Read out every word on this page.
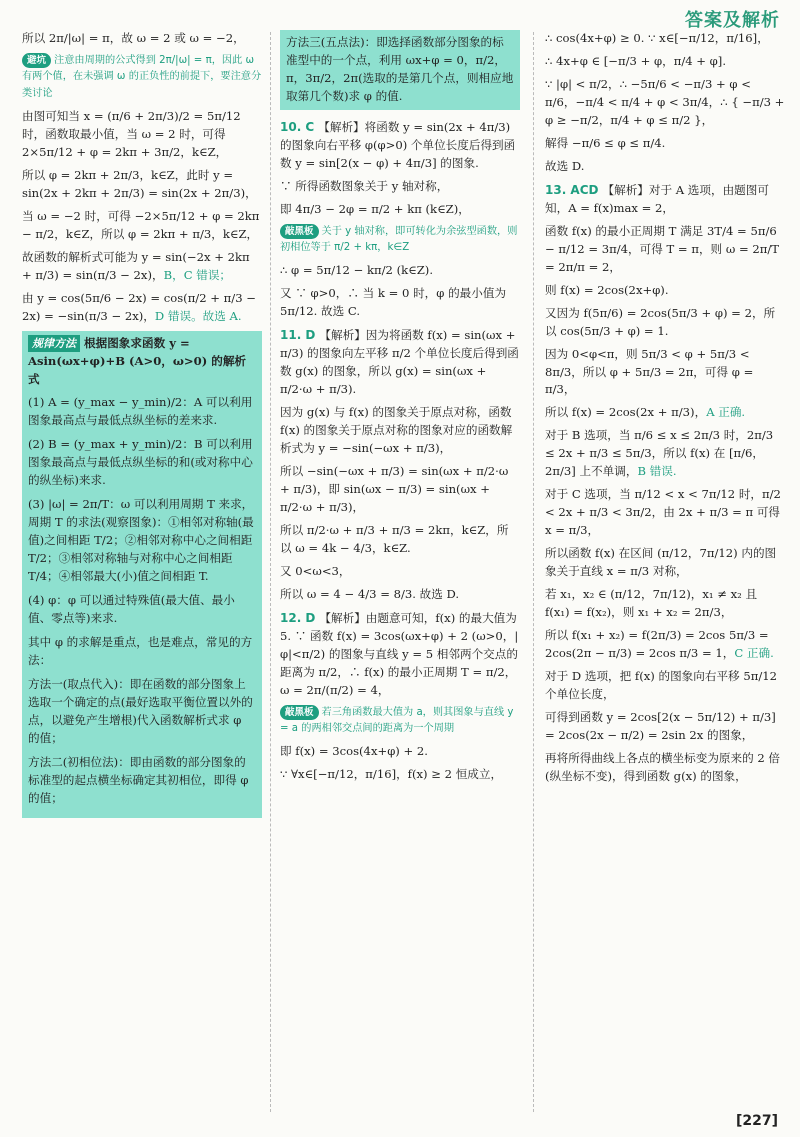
答案及解析

所以 2π/|ω| = π，故 ω = 2 或 ω = −2，

避坑 注意由周期的公式得到 2π/|ω| = π，因此 ω 有两个值，在未强调 ω 的正负性的前提下，要注意分类讨论

由图可知当 x = (π/6 + 2π/3)/2 = 5π/12 时，函数取最小值，当 ω = 2 时，可得 2×5π/12 + φ = 2kπ + 3π/2，k∈Z，

所以 φ = 2kπ + 2π/3，k∈Z，此时 y = sin(2x + 2kπ + 2π/3) = sin(2x + 2π/3)，

当 ω = −2 时，可得 −2×5π/12 + φ = 2kπ − π/2，k∈Z，所以 φ = 2kπ + π/3，k∈Z，

故函数的解析式可能为 y = sin(−2x + 2kπ + π/3) = sin(π/3 − 2x)，B，C 错误；

由 y = cos(5π/6 − 2x) = cos(π/2 + π/3 − 2x) = −sin(π/3 − 2x)，D 错误。故选 A.

规律方法 根据图象求函数 y = Asin(ωx+φ)+B (A>0，ω>0) 的解析式

(1) A = (y_max − y_min)/2：A 可以利用图象最高点与最低点纵坐标的差来求.

(2) B = (y_max + y_min)/2：B 可以利用图象最高点与最低点纵坐标的和(或对称中心的纵坐标)来求.

(3) |ω| = 2π/T：ω 可以利用周期 T 来求，周期 T 的求法(观察图象)：①相邻对称轴(最值)之间相距 T/2；②相邻对称中心之间相距 T/2；③相邻对称轴与对称中心之间相距 T/4；④相邻最大(小)值之间相距 T.

(4) φ：φ 可以通过特殊值(最大值、最小值、零点等)来求.

其中 φ 的求解是重点，也是难点，常见的方法：

方法一(取点代入)：即在函数的部分图象上选取一个确定的点(最好选取平衡位置以外的点，以避免产生增根)代入函数解析式求 φ 的值；

方法二(初相位法)：即由函数的部分图象的标准型的起点横坐标确定其初相位，即得 φ 的值；

方法三(五点法)：即选择函数部分图象的标准型中的一个点，利用 ωx+φ = 0，π/2，π，3π/2，2π(选取的是第几个点，则相应地取第几个数)求 φ 的值.

10. C 【解析】将函数 y = sin(2x + 4π/3) 的图象向右平移 φ(φ>0) 个单位长度后得到函数 y = sin[2(x − φ) + 4π/3] 的图象.

∵ 所得函数图象关于 y 轴对称，

即 4π/3 − 2φ = π/2 + kπ (k∈Z)，

敲黑板 关于 y 轴对称，即可转化为余弦型函数，则初相位等于 π/2 + kπ，k∈Z

∴ φ = 5π/12 − kπ/2 (k∈Z).

又 ∵ φ>0，∴ 当 k = 0 时，φ 的最小值为 5π/12. 故选 C.

11. D 【解析】因为将函数 f(x) = sin(ωx + π/3) 的图象向左平移 π/2 个单位长度后得到函数 g(x) 的图象，所以 g(x) = sin(ωx + π/2·ω + π/3).

因为 g(x) 与 f(x) 的图象关于原点对称，函数 f(x) 的图象关于原点对称的图象对应的函数解析式为 y = −sin(−ωx + π/3)，

所以 −sin(−ωx + π/3) = sin(ωx + π/2·ω + π/3)，即 sin(ωx − π/3) = sin(ωx + π/2·ω + π/3)，

所以 π/2·ω + π/3 + π/3 = 2kπ，k∈Z，所以 ω = 4k − 4/3，k∈Z.

又 0<ω<3，

所以 ω = 4 − 4/3 = 8/3. 故选 D.

12. D 【解析】由题意可知，f(x) 的最大值为 5. ∵ 函数 f(x) = 3cos(ωx+φ) + 2 (ω>0，|φ|<π/2) 的图象与直线 y = 5 相邻两个交点的距离为 π/2，∴ f(x) 的最小正周期 T = π/2，ω = 2π/(π/2) = 4，

敲黑板 若三角函数最大值为 a，则其图象与直线 y = a 的两相邻交点间的距离为一个周期

即 f(x) = 3cos(4x+φ) + 2.

∵ ∀x∈[−π/12，π/16]，f(x) ≥ 2 恒成立，

∴ cos(4x+φ) ≥ 0. ∵ x∈[−π/12，π/16]，

∴ 4x+φ ∈ [−π/3 + φ，π/4 + φ].

∵ |φ| < π/2，∴ −5π/6 < −π/3 + φ < π/6，−π/4 < π/4 + φ < 3π/4，∴ { −π/3 + φ ≥ −π/2，π/4 + φ ≤ π/2 }，

解得 −π/6 ≤ φ ≤ π/4.

故选 D.

13. ACD 【解析】对于 A 选项，由题图可知，A = f(x)max = 2，

函数 f(x) 的最小正周期 T 满足 3T/4 = 5π/6 − π/12 = 3π/4，可得 T = π，则 ω = 2π/T = 2π/π = 2，

则 f(x) = 2cos(2x+φ).

又因为 f(5π/6) = 2cos(5π/3 + φ) = 2，所以 cos(5π/3 + φ) = 1.

因为 0<φ<π，则 5π/3 < φ + 5π/3 < 8π/3，所以 φ + 5π/3 = 2π，可得 φ = π/3，

所以 f(x) = 2cos(2x + π/3)，A 正确.

对于 B 选项，当 π/6 ≤ x ≤ 2π/3 时，2π/3 ≤ 2x + π/3 ≤ 5π/3，所以 f(x) 在 [π/6，2π/3] 上不单调，B 错误.

对于 C 选项，当 π/12 < x < 7π/12 时，π/2 < 2x + π/3 < 3π/2，由 2x + π/3 = π 可得 x = π/3，

所以函数 f(x) 在区间 (π/12，7π/12) 内的图象关于直线 x = π/3 对称，

若 x₁，x₂ ∈ (π/12，7π/12)，x₁ ≠ x₂ 且 f(x₁) = f(x₂)，则 x₁ + x₂ = 2π/3，

所以 f(x₁ + x₂) = f(2π/3) = 2cos 5π/3 = 2cos(2π − π/3) = 2cos π/3 = 1，C 正确.

对于 D 选项，把 f(x) 的图象向右平移 5π/12 个单位长度，

可得到函数 y = 2cos[2(x − 5π/12) + π/3] = 2cos(2x − π/2) = 2sin 2x 的图象，

再将所得曲线上各点的横坐标变为原来的 2 倍(纵坐标不变)，得到函数 g(x) 的图象，

[227]
